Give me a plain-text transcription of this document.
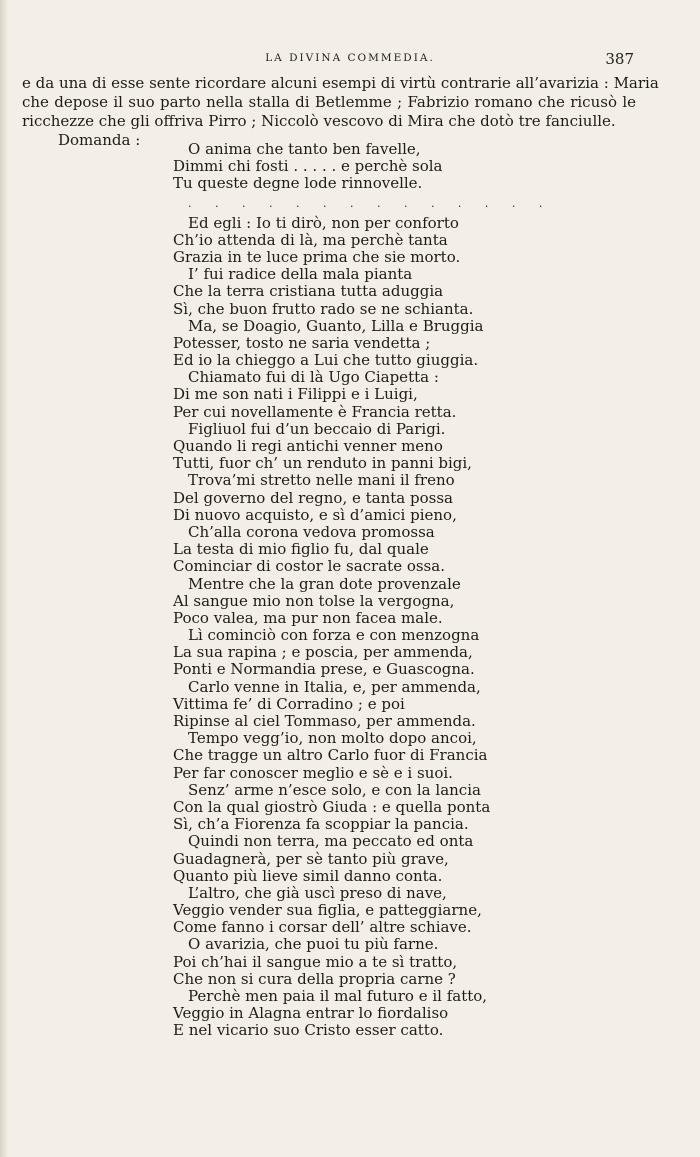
LA DIVINA COMMEDIA.	387
e da una di esse sente ricordare alcuni esempi di virtù contrarie all’avarizia : Maria
che depose il suo parto nella stalla di Betlemme ; Fabrizio romano che ricusò le
ricchezze che gli offriva Pirro ; Niccolò vescovo di Mira che dotò tre fanciulle.
Domanda :	O anima che tanto ben favelle,
Dimmi chi fosti . . . . . e perchè sola
Tu queste degne lode rinnovelle.
. . . . . . . . . . . . . .
Ed egli : Io ti dirò, non per conforto
Ch’io attenda di là, ma perchè tanta
Grazia in te luce prima che sie morto.
I’ fui radice della mala pianta
Che la terra cristiana tutta aduggia
Sì, che buon frutto rado se ne schianta.
Ma, se Doagio, Guanto, Lilla e Bruggia
Potesser, tosto ne saria vendetta ;
Ed io la chieggo a Lui che tutto giuggia.
Chiamato fui di là Ugo Ciapetta :
Di me son nati i Filippi e i Luigi,
Per cui novellamente è Francia retta.
Figliuol fui d’un beccaio di Parigi.
Quando li regi antichi venner meno
Tutti, fuor ch’ un renduto in panni bigi,
Trova’mi stretto nelle mani il freno
Del governo del regno, e tanta possa
Di nuovo acquisto, e sì d’amici pieno,
Ch’alla corona vedova promossa
La testa di mio figlio fu, dal quale
Cominciar di costor le sacrate ossa.
Mentre che la gran dote provenzale
Al sangue mio non tolse la vergogna,
Poco valea, ma pur non facea male.
Lì cominciò con forza e con menzogna
La sua rapina ; e poscia, per ammenda,
Ponti e Normandia prese, e Guascogna.
Carlo venne in Italia, e, per ammenda,
Vittima fe’ di Corradino ; e poi
Ripinse al ciel Tommaso, per ammenda.
Tempo vegg’io, non molto dopo ancoi,
Che tragge un altro Carlo fuor di Francia
Per far conoscer meglio e sè e i suoi.
Senz’ arme n’esce solo, e con la lancia
Con la qual giostrò Giuda : e quella ponta
Sì, ch’a Fiorenza fa scoppiar la pancia.
Quindi non terra, ma peccato ed onta
Guadagnerà, per sè tanto più grave,
Quanto più lieve simil danno conta.
L’altro, che già uscì preso di nave,
Veggio vender sua figlia, e patteggiarne,
Come fanno i corsar dell’ altre schiave.
O avarizia, che puoi tu più farne.
Poi ch’hai il sangue mio a te sì tratto,
Che non si cura della propria carne ?
Perchè men paia il mal futuro e il fatto,
Veggio in Alagna entrar lo fiordaliso
E nel vicario suo Cristo esser catto.
